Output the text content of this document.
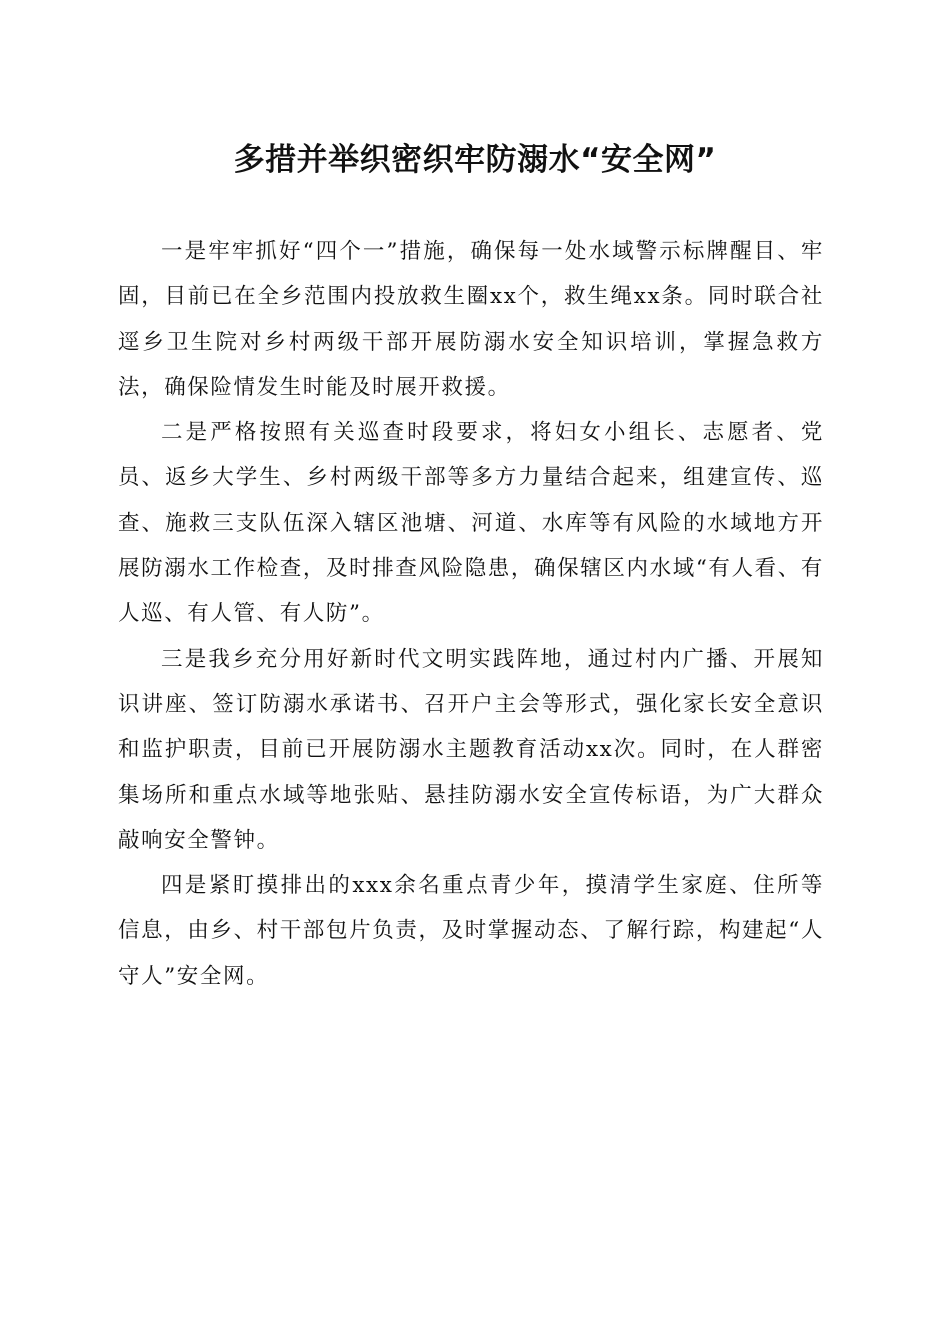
多措并举织密织牢防溺水“安全网”

一是牢牢抓好“四个一”措施，确保每一处水域警示标牌醒目、牢固，目前已在全乡范围内投放救生圈xx个，救生绳xx条。同时联合社逕乡卫生院对乡村两级干部开展防溺水安全知识培训，掌握急救方法，确保险情发生时能及时展开救援。

二是严格按照有关巡查时段要求，将妇女小组长、志愿者、党员、返乡大学生、乡村两级干部等多方力量结合起来，组建宣传、巡查、施救三支队伍深入辖区池塘、河道、水库等有风险的水域地方开展防溺水工作检查，及时排查风险隐患，确保辖区内水域“有人看、有人巡、有人管、有人防”。

三是我乡充分用好新时代文明实践阵地，通过村内广播、开展知识讲座、签订防溺水承诺书、召开户主会等形式，强化家长安全意识和监护职责，目前已开展防溺水主题教育活动xx次。同时，在人群密集场所和重点水域等地张贴、悬挂防溺水安全宣传标语，为广大群众敲响安全警钟。

四是紧盯摸排出的xxx余名重点青少年，摸清学生家庭、住所等信息，由乡、村干部包片负责，及时掌握动态、了解行踪，构建起“人守人”安全网。
